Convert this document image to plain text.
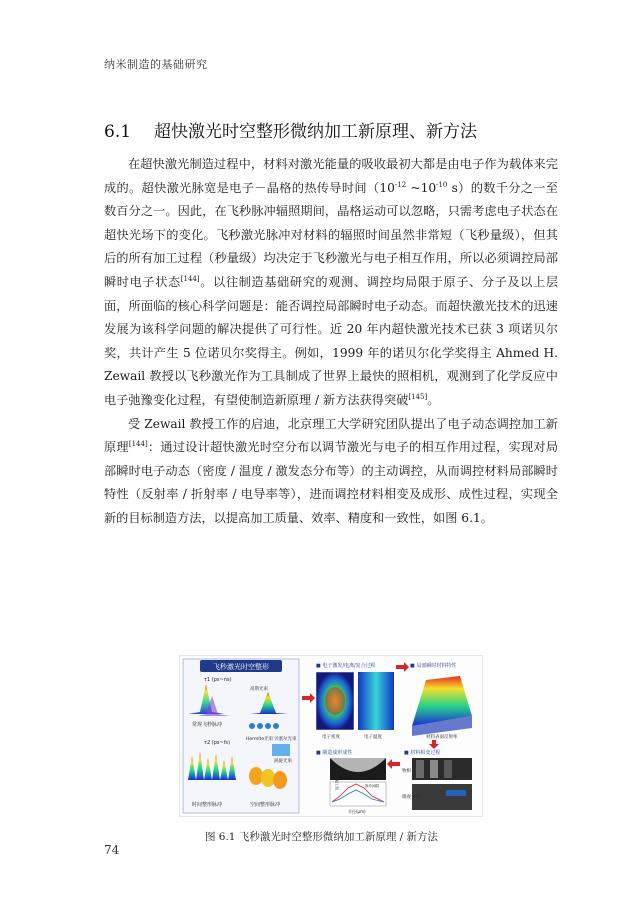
纳米制造的基础研究
6.1 超快激光时空整形微纳加工新原理、新方法

在超快激光制造过程中，材料对激光能量的吸收最初大都是由电子作为载体来完成的。超快激光脉宽是电子－晶格的热传导时间（$10^{-12}$ $\sim 10^{-10}$ s）的数千分之一至数百分之一。因此，在飞秒脉冲辐照期间，晶格运动可以忽略，只需考虑电子状态在超快光场下的变化。飞秒激光脉冲对材料的辐照时间虽然非常短（飞秒量级），但其后的所有加工过程（秒量级）均决定于飞秒激光与电子相互作用，所以必须调控局部瞬时电子状态[144]。以往制造基础研究的观测、调控均局限于原子、分子及以上层面，所面临的核心科学问题是：能否调控局部瞬时电子动态。而超快激光技术的迅速发展为该科学问题的解决提供了可行性。近 20 年内超快激光技术已获 3 项诺贝尔奖，共计产生 5 位诺贝尔奖得主。例如，1999 年的诺贝尔化学奖得主 Ahmed H. Zewail 教授以飞秒激光作为工具制成了世界上最快的照相机，观测到了化学反应中电子弛豫变化过程，有望使制造新原理 / 新方法获得突破[145]。

受 Zewail 教授工作的启迪，北京理工大学研究团队提出了电子动态调控加工新原理[144]：通过设计超快激光时空分布以调节激光与电子的相互作用过程，实现对局部瞬时电子动态（密度 / 温度 / 激发态分布等）的主动调控，从而调控材料局部瞬时特性（反射率 / 折射率 / 电导率等），进而调控材料相变及成形、成性过程，实现全新的目标制造方法，以提高加工质量、效率、精度和一致性，如图 6.1。

飞秒激光时空整形
τ1 (ps~ns)
常规飞秒脉冲
τ2 (ps~fs)
时间整形脉冲
高斯光束
Hermite光束 贝塞尔光束
涡旋光束
空间整形脉冲
■ 电子激发/电离/复合过程
电子密度	电子温度
■ 局部瞬时材料特性
材料表面反射率
■ 制造成形成性
加工深度(μm)
半径(μm)
脉冲间隔
■ 材料相变过程
物相
微观分布
图 6.1 飞秒激光时空整形微纳加工新原理 / 新方法
74
